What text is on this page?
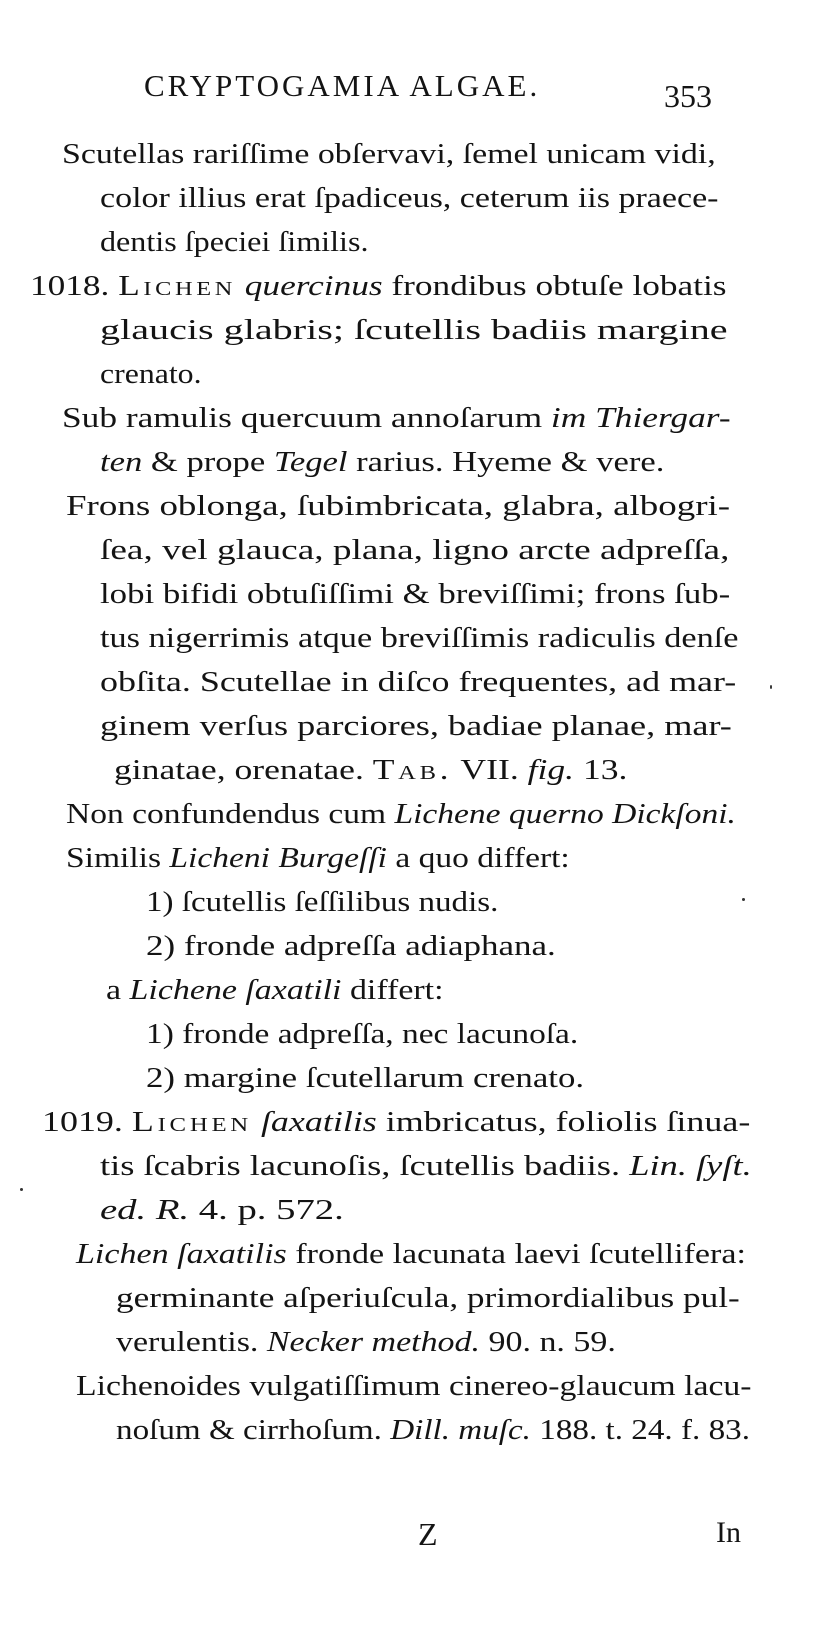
CRYPTOGAMIA ALGAE.	353
Scutellas rariſſime obſervavi, ſemel unicam vidi,
color illius erat ſpadiceus, ceterum iis praece-
dentis ſpeciei ſimilis.
1018. Lichen quercinus frondibus obtuſe lobatis
glaucis glabris; ſcutellis badiis margine
crenato.
Sub ramulis quercuum annoſarum im Thiergar-
ten & prope Tegel rarius. Hyeme & vere.
Frons oblonga, ſubimbricata, glabra, albogri-
ſea, vel glauca, plana, ligno arcte adpreſſa,
lobi bifidi obtuſiſſimi & breviſſimi; frons ſub-
tus nigerrimis atque breviſſimis radiculis denſe
obſita. Scutellae in diſco frequentes, ad mar-
ginem verſus parciores, badiae planae, mar-
ginatae, orenatae. Tab. VII. fig. 13.
Non confundendus cum Lichene querno Dickſoni.
Similis Licheni Burgeſſi a quo differt:
1) ſcutellis ſeſſilibus nudis.
2) fronde adpreſſa adiaphana.
a Lichene ſaxatili differt:
1) fronde adpreſſa, nec lacunoſa.
2) margine ſcutellarum crenato.
1019. Lichen ſaxatilis imbricatus, foliolis ſinua-
tis ſcabris lacunoſis, ſcutellis badiis. Lin. ſyſt.
ed. R. 4. p. 572.
Lichen ſaxatilis fronde lacunata laevi ſcutellifera:
germinante aſperiuſcula, primordialibus pul-
verulentis. Necker method. 90. n. 59.
Lichenoides vulgatiſſimum cinereo-glaucum lacu-
noſum & cirrhoſum. Dill. muſc. 188. t. 24. f. 83.
Z	In
